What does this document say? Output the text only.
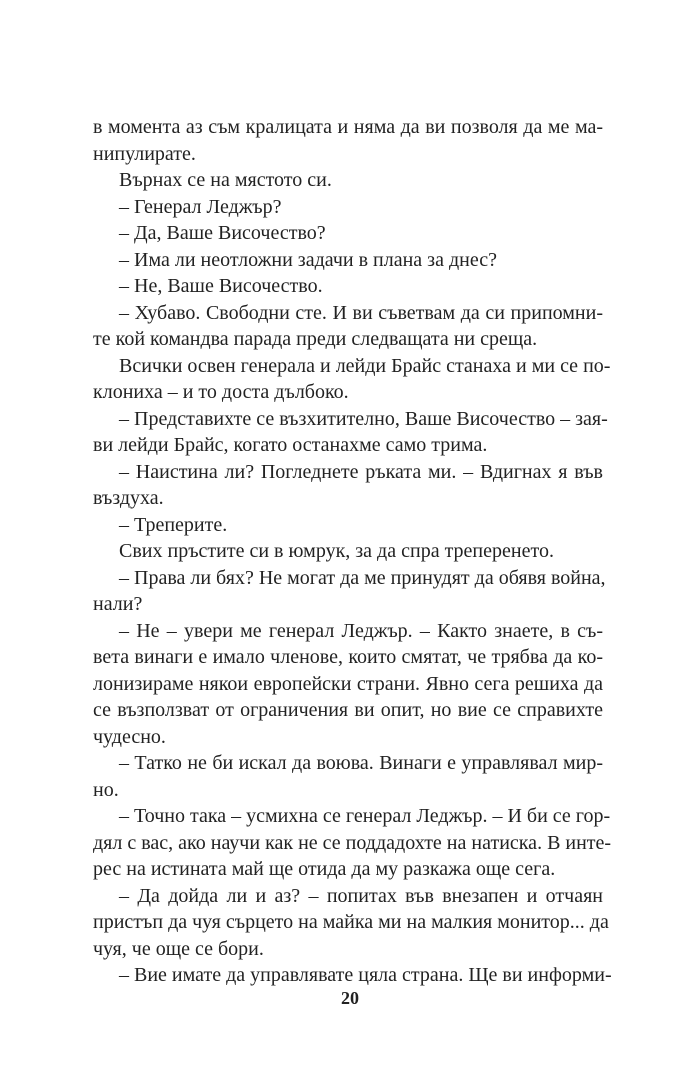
в момента аз съм кралицата и няма да ви позволя да ме ма-
нипулирате.
Върнах се на мястото си.
– Генерал Леджър?
– Да, Ваше Височество?
– Има ли неотложни задачи в плана за днес?
– Не, Ваше Височество.
– Хубаво. Свободни сте. И ви съветвам да си припомни-
те кой командва парада преди следващата ни среща.
Всички освен генерала и лейди Брайс станаха и ми се по-
клониха – и то доста дълбоко.
– Представихте се възхитително, Ваше Височество – зая-
ви лейди Брайс, когато останахме само трима.
– Наистина ли? Погледнете ръката ми. – Вдигнах я във
въздуха.
– Треперите.
Свих пръстите си в юмрук, за да спра треперенето.
– Права ли бях? Не могат да ме принудят да обявя война,
нали?
– Не – увери ме генерал Леджър. – Както знаете, в съ-
вета винаги е имало членове, които смятат, че трябва да ко-
лонизираме някои европейски страни. Явно сега решиха да
се възползват от ограничения ви опит, но вие се справихте
чудесно.
– Татко не би искал да воюва. Винаги е управлявал мир-
но.
– Точно така – усмихна се генерал Леджър. – И би се гор-
дял с вас, ако научи как не се поддадохте на натиска. В инте-
рес на истината май ще отида да му разкажа още сега.
– Да дойда ли и аз? – попитах във внезапен и отчаян
пристъп да чуя сърцето на майка ми на малкия монитор... да
чуя, че още се бори.
– Вие имате да управлявате цяла страна. Ще ви информи-
20
